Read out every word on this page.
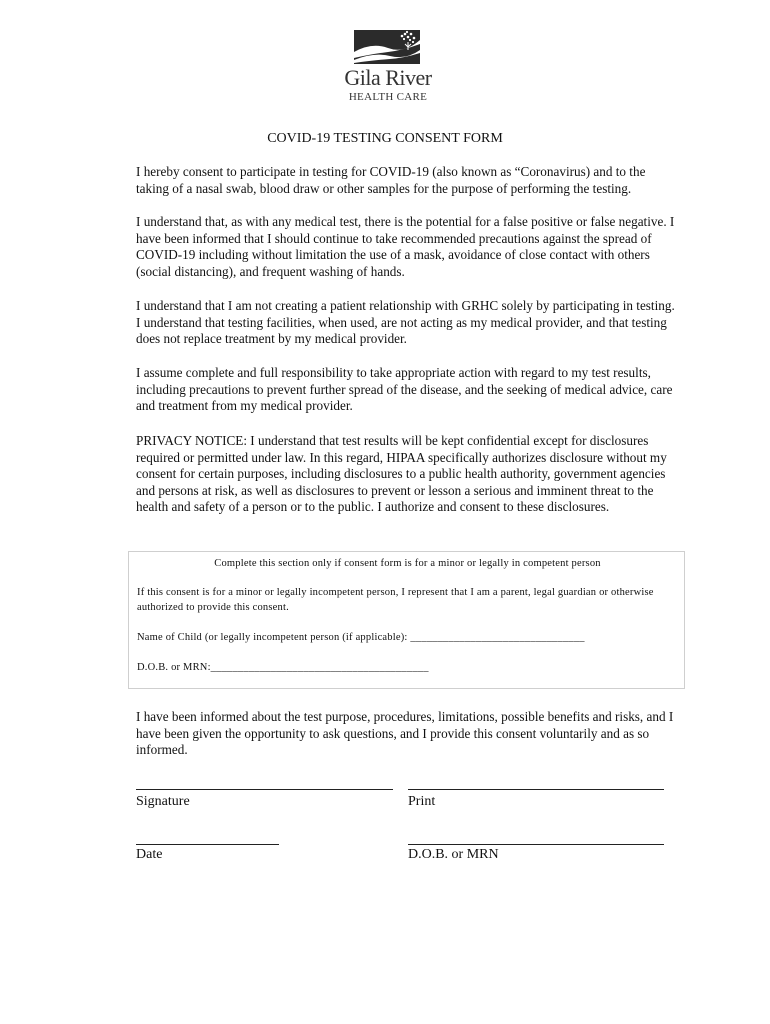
Gila River
HEALTH CARE
COVID-19 TESTING CONSENT FORM

I hereby consent to participate in testing for COVID-19 (also known as “Coronavirus) and to the taking of a nasal swab, blood draw or other samples for the purpose of performing the testing.

I understand that, as with any medical test, there is the potential for a false positive or false negative. I have been informed that I should continue to take recommended precautions against the spread of COVID-19 including without limitation the use of a mask, avoidance of close contact with others (social distancing), and frequent washing of hands.

I understand that I am not creating a patient relationship with GRHC solely by participating in testing. I understand that testing facilities, when used, are not acting as my medical provider, and that testing does not replace treatment by my medical provider.

I assume complete and full responsibility to take appropriate action with regard to my test results, including precautions to prevent further spread of the disease, and the seeking of medical advice, care and treatment from my medical provider.

PRIVACY NOTICE: I understand that test results will be kept confidential except for disclosures required or permitted under law. In this regard, HIPAA specifically authorizes disclosure without my consent for certain purposes, including disclosures to a public health authority, government agencies and persons at risk, as well as disclosures to prevent or lesson a serious and imminent threat to the health and safety of a person or to the public. I authorize and consent to these disclosures.

Complete this section only if consent form is for a minor or legally in competent person

If this consent is for a minor or legally incompetent person, I represent that I am a parent, legal guardian or otherwise authorized to provide this consent.

Name of Child (or legally incompetent person (if applicable): ________________________________

D.O.B. or MRN:________________________________________

I have been informed about the test purpose, procedures, limitations, possible benefits and risks, and I have been given the opportunity to ask questions, and I provide this consent voluntarily and as so informed.

Signature	Print
Date	D.O.B. or MRN
